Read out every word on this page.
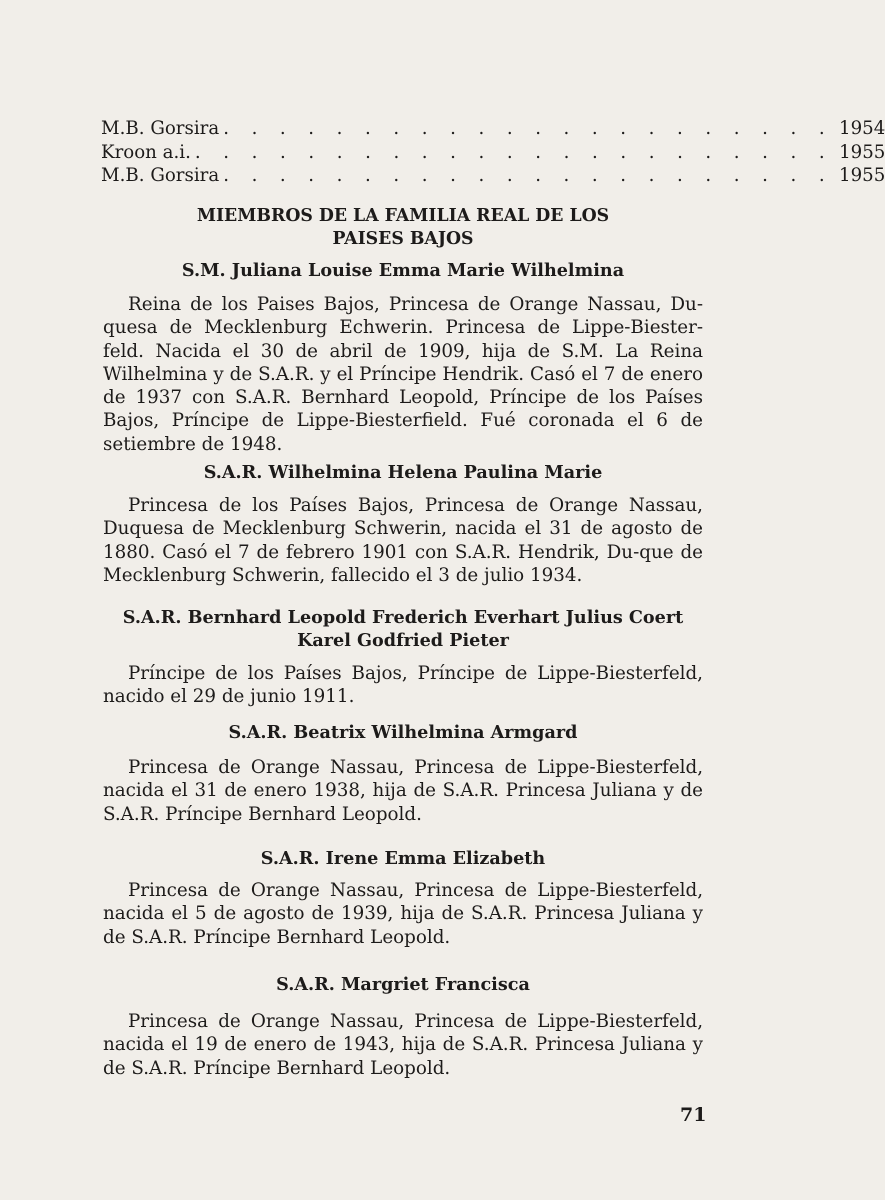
M.B. Gorsira . . . . . . . . . . . . . . . . . . . . . . 1954
Kroon a.i. . . . . . . . . . . . . . . . . . . . . . . . 1955
M.B. Gorsira . . . . . . . . . . . . . . . . . . . . . . 1955

MIEMBROS DE LA FAMILIA REAL DE LOS

PAISES BAJOS

S.M. Juliana Louise Emma Marie Wilhelmina

Reina de los Paises Bajos, Princesa de Orange Nassau, Du-quesa de Mecklenburg Echwerin. Princesa de Lippe-Biester-feld. Nacida el 30 de abril de 1909, hija de S.M. La Reina Wilhelmina y de S.A.R. y el Príncipe Hendrik. Casó el 7 de enero de 1937 con S.A.R. Bernhard Leopold, Príncipe de los Países Bajos, Príncipe de Lippe-Biesterfield. Fué coronada el 6 de setiembre de 1948.

S.A.R. Wilhelmina Helena Paulina Marie

Princesa de los Países Bajos, Princesa de Orange Nassau, Duquesa de Mecklenburg Schwerin, nacida el 31 de agosto de 1880. Casó el 7 de febrero 1901 con S.A.R. Hendrik, Du-que de Mecklenburg Schwerin, fallecido el 3 de julio 1934.

S.A.R. Bernhard Leopold Frederich Everhart Julius Coert

Karel Godfried Pieter

Príncipe de los Países Bajos, Príncipe de Lippe-Biesterfeld, nacido el 29 de junio 1911.

S.A.R. Beatrix Wilhelmina Armgard

Princesa de Orange Nassau, Princesa de Lippe-Biesterfeld, nacida el 31 de enero 1938, hija de S.A.R. Princesa Juliana y de S.A.R. Príncipe Bernhard Leopold.

S.A.R. Irene Emma Elizabeth

Princesa de Orange Nassau, Princesa de Lippe-Biesterfeld, nacida el 5 de agosto de 1939, hija de S.A.R. Princesa Juliana y de S.A.R. Príncipe Bernhard Leopold.

S.A.R. Margriet Francisca

Princesa de Orange Nassau, Princesa de Lippe-Biesterfeld, nacida el 19 de enero de 1943, hija de S.A.R. Princesa Juliana y de S.A.R. Príncipe Bernhard Leopold.

71
